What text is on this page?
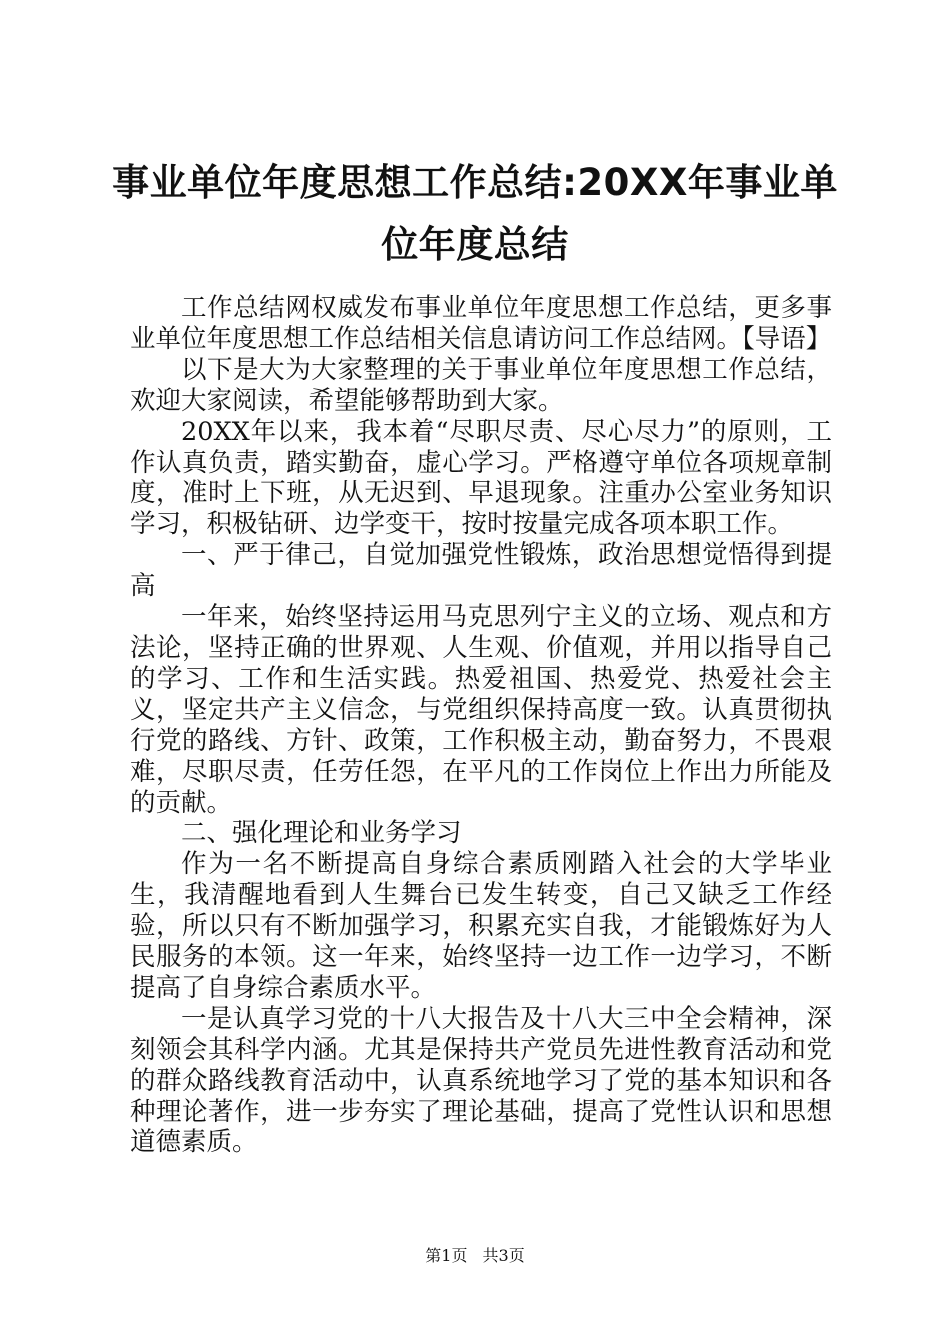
事业单位年度思想工作总结:20XX年事业单位年度总结

工作总结网权威发布事业单位年度思想工作总结，更多事业单位年度思想工作总结相关信息请访问工作总结网。【导语】

以下是大为大家整理的关于事业单位年度思想工作总结，欢迎大家阅读，希望能够帮助到大家。

20XX年以来，我本着“尽职尽责、尽心尽力”的原则，工作认真负责，踏实勤奋，虚心学习。严格遵守单位各项规章制度，准时上下班，从无迟到、早退现象。注重办公室业务知识学习，积极钻研、边学变干，按时按量完成各项本职工作。

一、严于律己，自觉加强党性锻炼，政治思想觉悟得到提高

一年来，始终坚持运用马克思列宁主义的立场、观点和方法论，坚持正确的世界观、人生观、价值观，并用以指导自己的学习、工作和生活实践。热爱祖国、热爱党、热爱社会主义，坚定共产主义信念，与党组织保持高度一致。认真贯彻执行党的路线、方针、政策，工作积极主动，勤奋努力，不畏艰难，尽职尽责，任劳任怨，在平凡的工作岗位上作出力所能及的贡献。

二、强化理论和业务学习

作为一名不断提高自身综合素质刚踏入社会的大学毕业生，我清醒地看到人生舞台已发生转变，自己又缺乏工作经验，所以只有不断加强学习，积累充实自我，才能锻炼好为人民服务的本领。这一年来，始终坚持一边工作一边学习，不断提高了自身综合素质水平。

一是认真学习党的十八大报告及十八大三中全会精神，深刻领会其科学内涵。尤其是保持共产党员先进性教育活动和党的群众路线教育活动中，认真系统地学习了党的基本知识和各种理论著作，进一步夯实了理论基础，提高了党性认识和思想道德素质。

第1页 共3页
